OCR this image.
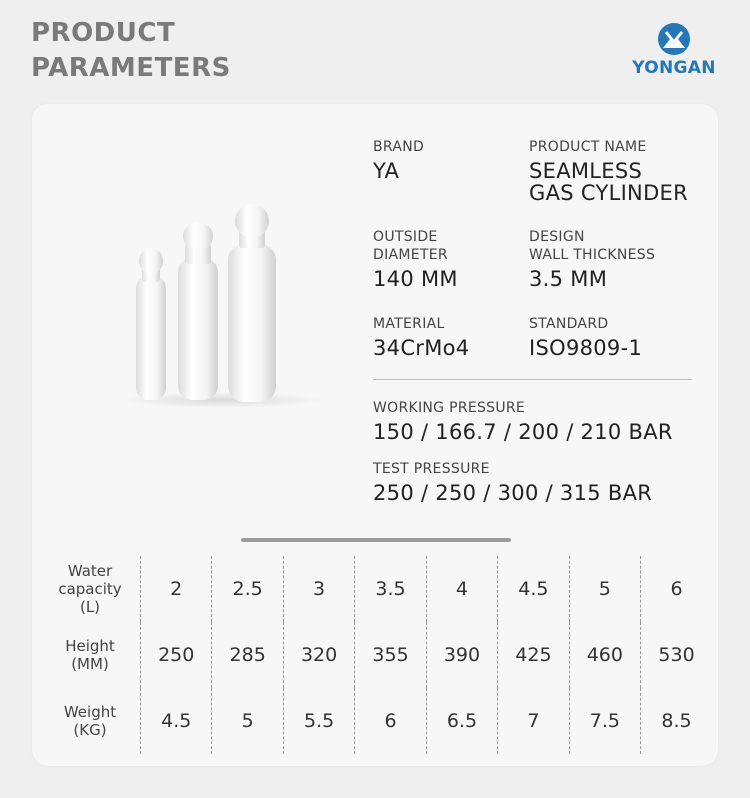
PRODUCT
PARAMETERS	YONGAN
BRAND
YA
PRODUCT NAME
SEAMLESS
GAS CYLINDER
OUTSIDE
DIAMETER
140 MM
DESIGN
WALL THICKNESS
3.5 MM
MATERIAL
34CrMo4
STANDARD
ISO9809-1
WORKING PRESSURE
150 / 166.7 / 200 / 210 BAR
TEST PRESSURE
250 / 250 / 300 / 315 BAR
Water
capacity
(L)	2	2.5	3	3.5	4	4.5	5	6

Height
(MM)	250	285	320	355	390	425	460	530

Weight
(KG)	4.5	5	5.5	6	6.5	7	7.5	8.5
